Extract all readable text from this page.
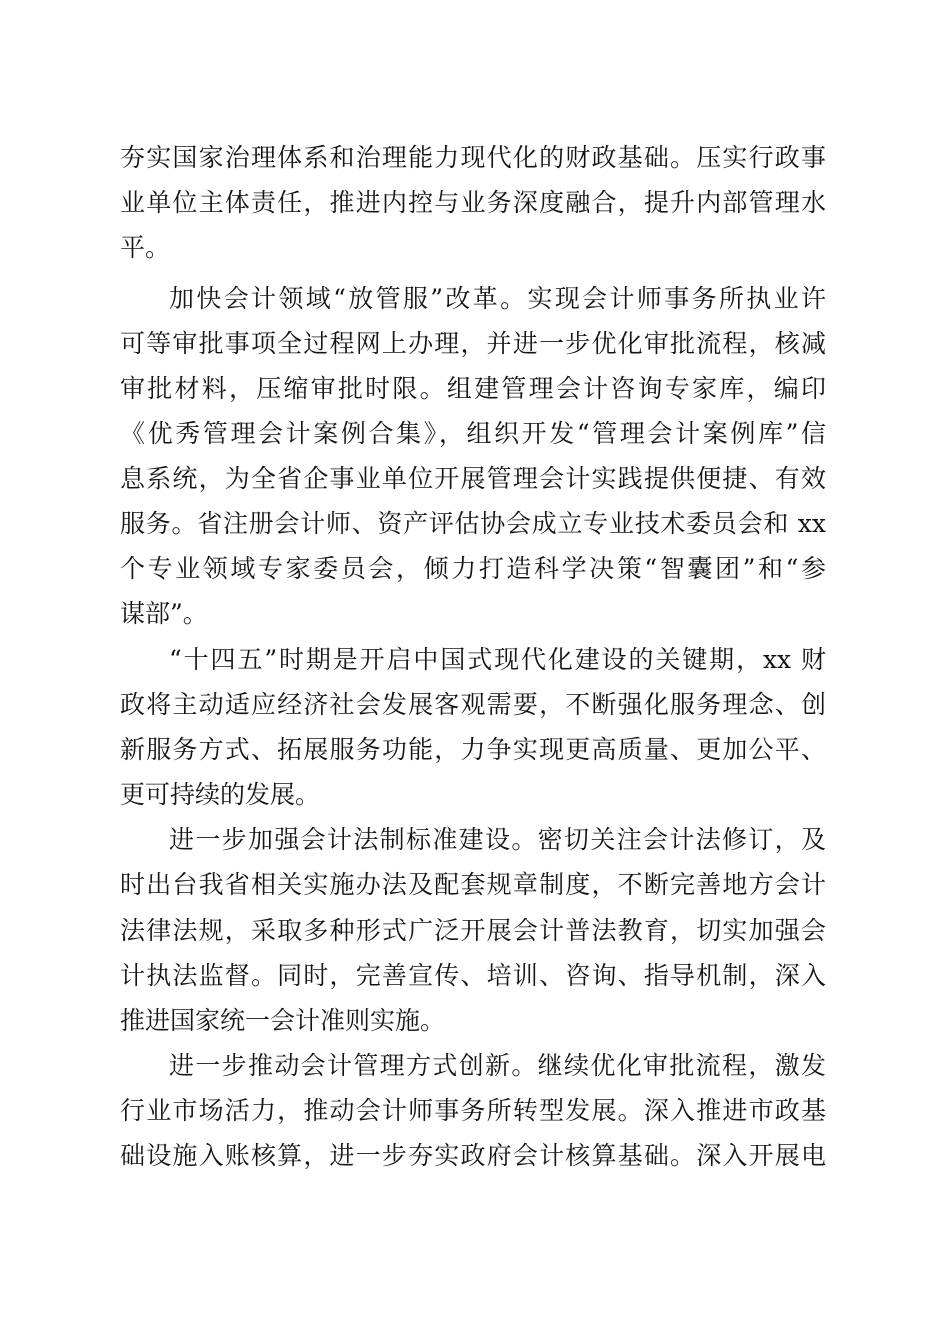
夯实国家治理体系和治理能力现代化的财政基础。压实行政事
业单位主体责任，推进内控与业务深度融合，提升内部管理水
平。
加快会计领域“放管服”改革。实现会计师事务所执业许
可等审批事项全过程网上办理，并进一步优化审批流程，核减
审批材料，压缩审批时限。组建管理会计咨询专家库，编印
《优秀管理会计案例合集》，组织开发“管理会计案例库”信
息系统，为全省企事业单位开展管理会计实践提供便捷、有效
服务。省注册会计师、资产评估协会成立专业技术委员会和 xx
个专业领域专家委员会，倾力打造科学决策“智囊团”和“参
谋部”。
“十四五”时期是开启中国式现代化建设的关键期，xx 财
政将主动适应经济社会发展客观需要，不断强化服务理念、创
新服务方式、拓展服务功能，力争实现更高质量、更加公平、
更可持续的发展。
进一步加强会计法制标准建设。密切关注会计法修订，及
时出台我省相关实施办法及配套规章制度，不断完善地方会计
法律法规，采取多种形式广泛开展会计普法教育，切实加强会
计执法监督。同时，完善宣传、培训、咨询、指导机制，深入
推进国家统一会计准则实施。
进一步推动会计管理方式创新。继续优化审批流程，激发
行业市场活力，推动会计师事务所转型发展。深入推进市政基
础设施入账核算，进一步夯实政府会计核算基础。深入开展电
